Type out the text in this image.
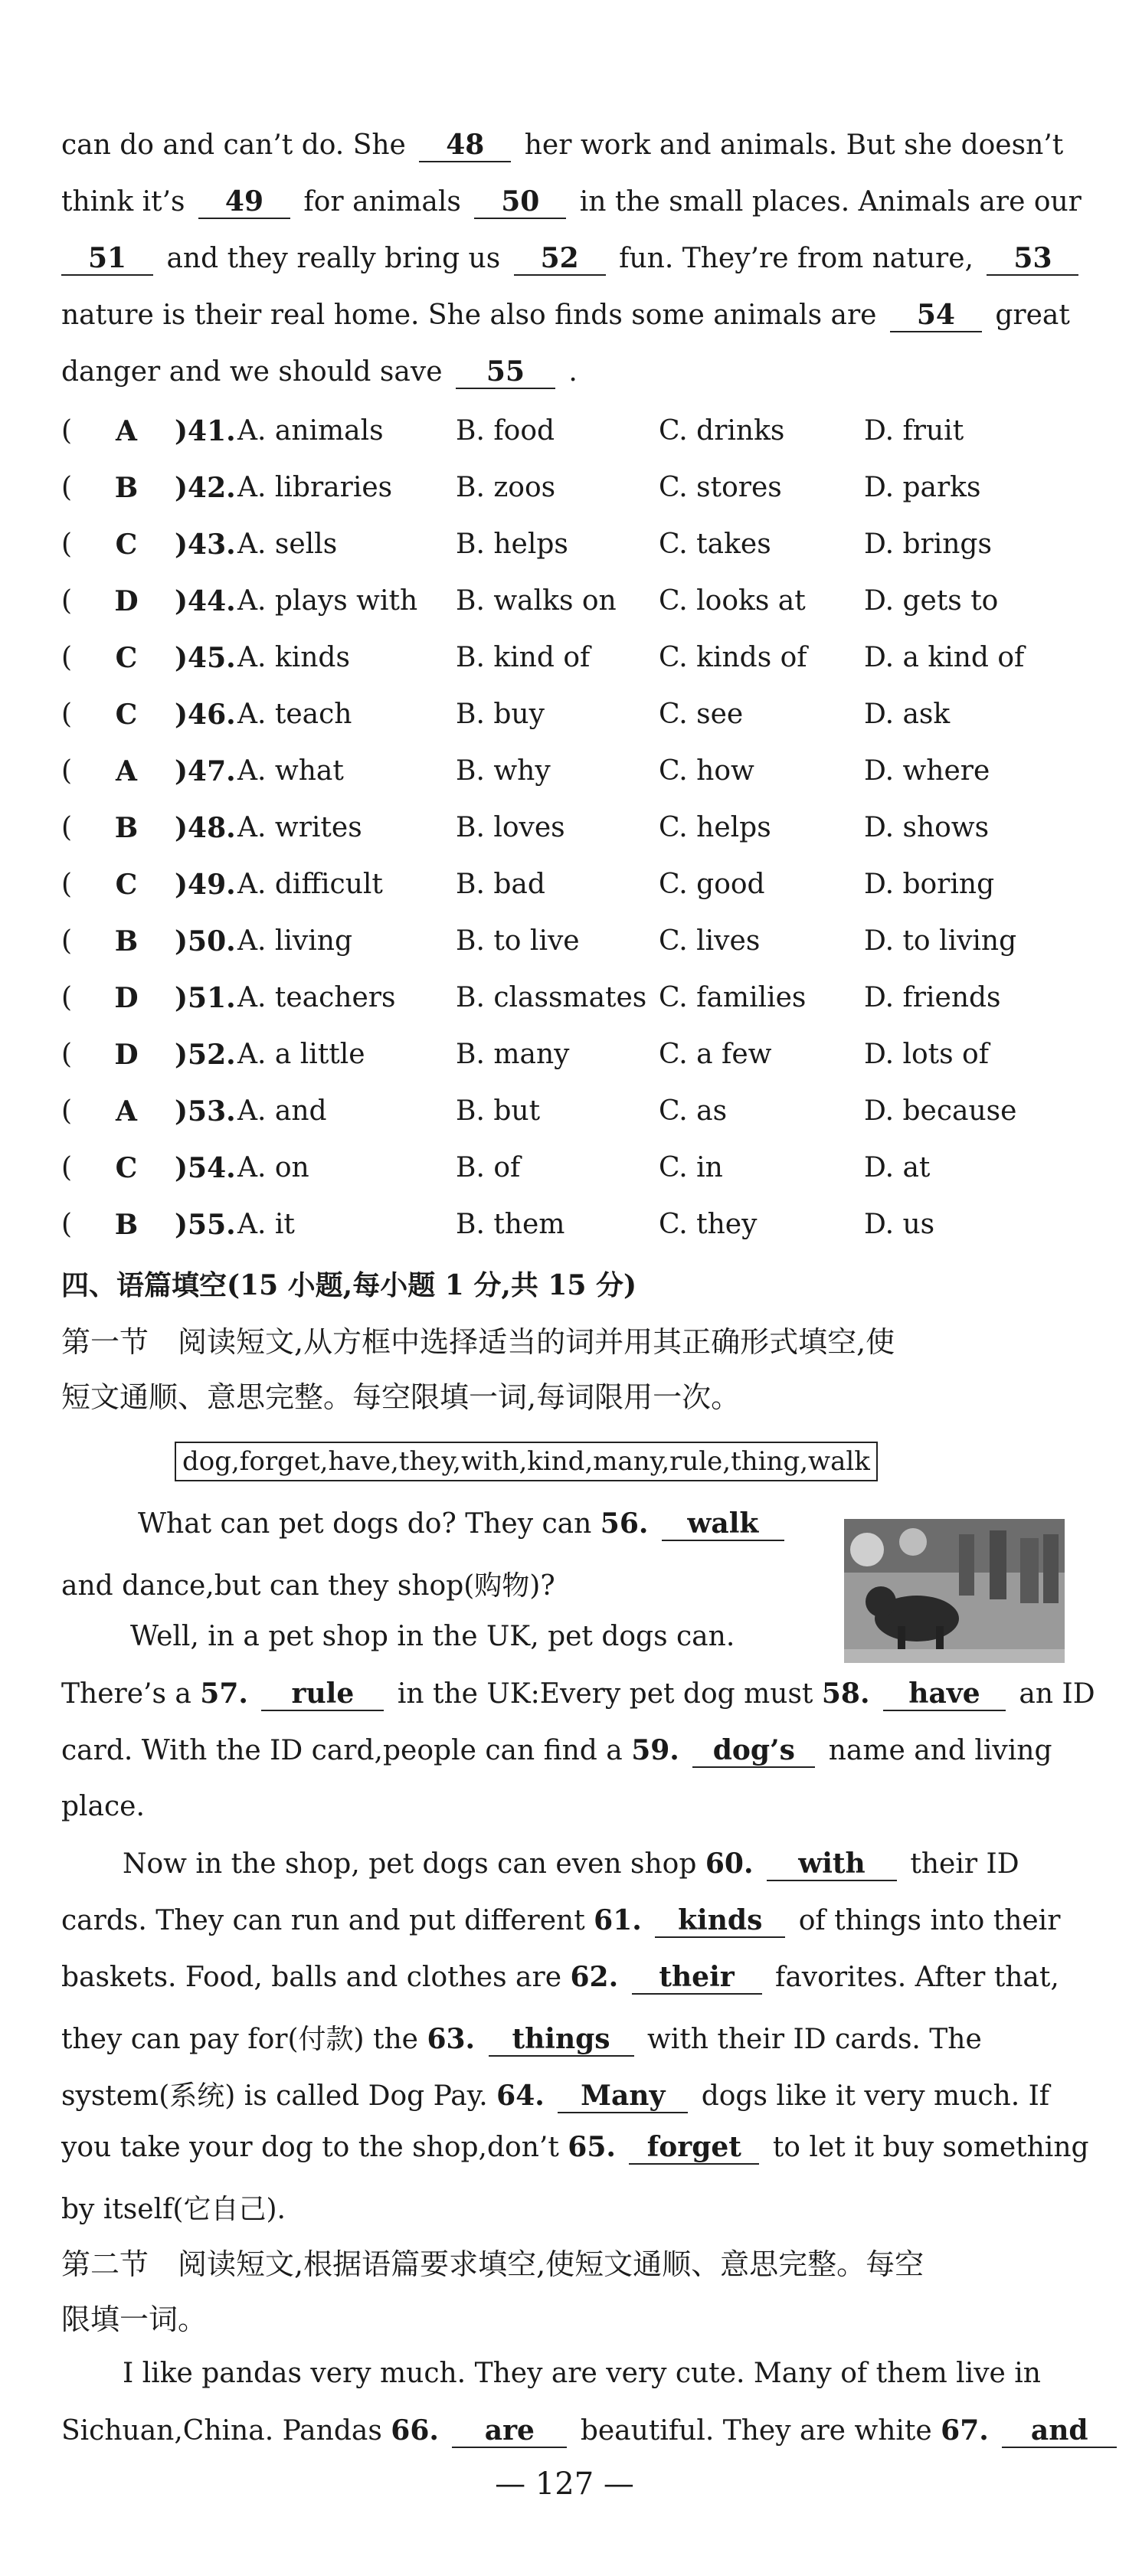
can do and can’t do. She 48 her work and animals. But she doesn’t
think it’s 49 for animals 50 in the small places. Animals are our
51 and they really bring us 52 fun. They’re from nature, 53
nature is their real home. She also finds some animals are 54 great
danger and we should save 55 .
( A )41. A. animals	B. food	C. drinks	D. fruit
( B )42. A. libraries B. zoos	C. stores	D. parks
( C )43. A. sells	B. helps	C. takes	D. brings
( D )44. A. plays with B. walks on C. looks at D. gets to
( C )45. A. kinds	B. kind of C. kinds of D. a kind of
( C )46. A. teach	B. buy	C. see	D. ask
( A )47. A. what	B. why	C. how	D. where
( B )48. A. writes	B. loves	C. helps	D. shows
( C )49. A. difficult	B. bad	C. good	D. boring
( B )50. A. living	B. to live	C. lives	D. to living
( D )51. A. teachers B. classmates C. families D. friends
( D )52. A. a little	B. many	C. a few	D. lots of
( A )53. A. and	B. but	C. as	D. because
( C )54. A. on	B. of	C. in	D. at
( B )55. A. it	B. them	C. they	D. us
四、语篇填空(15 小题,每小题 1 分,共 15 分)
第一节　阅读短文,从方框中选择适当的词并用其正确形式填空,使
短文通顺、意思完整。每空限填一词,每词限用一次。
dog,forget,have,they,with,kind,many,rule,thing,walk
What can pet dogs do? They can 56. walk
and dance,but can they shop(购物)?
Well, in a pet shop in the UK, pet dogs can.
There’s a 57. rule in the UK:Every pet dog must 58. have an ID
card. With the ID card,people can find a 59. dog’s name and living
place.
Now in the shop, pet dogs can even shop 60. with their ID
cards. They can run and put different 61. kinds of things into their
baskets. Food, balls and clothes are 62. their favorites. After that,
they can pay for(付款) the 63. things with their ID cards. The
system(系统) is called Dog Pay. 64. Many dogs like it very much. If
you take your dog to the shop,don’t 65. forget to let it buy something
by itself(它自己).
第二节　阅读短文,根据语篇要求填空,使短文通顺、意思完整。每空
限填一词。
I like pandas very much. They are very cute. Many of them live in
Sichuan,China. Pandas 66. are beautiful. They are white 67. and
— 127 —
